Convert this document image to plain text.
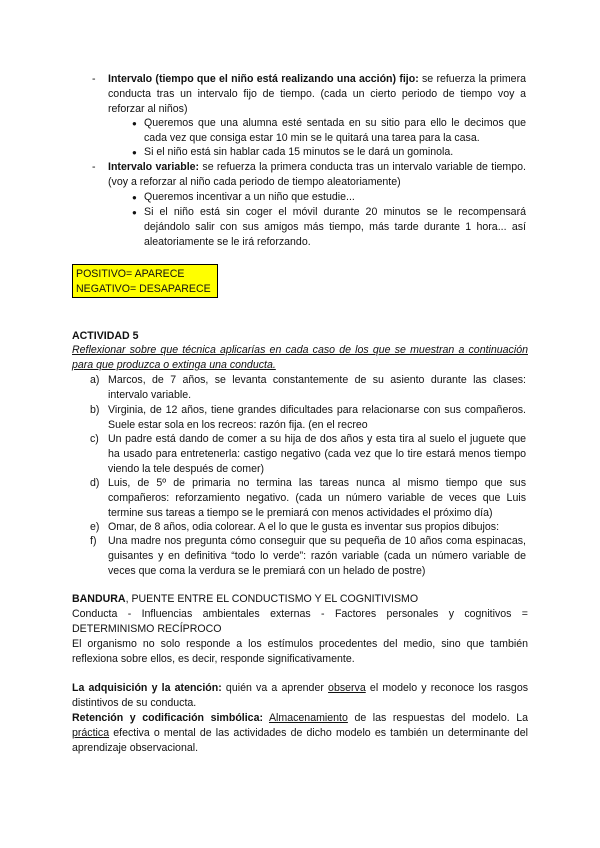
-	Intervalo (tiempo que el niño está realizando una acción) fijo: se refuerza la primera conducta tras un intervalo fijo de tiempo. (cada un cierto periodo de tiempo voy a reforzar al niños)
● Queremos que una alumna esté sentada en su sitio para ello le decimos que cada vez que consiga estar 10 min se le quitará una tarea para la casa.
● Si el niño está sin hablar cada 15 minutos se le dará un gominola.
-	Intervalo variable: se refuerza la primera conducta tras un intervalo variable de tiempo. (voy a reforzar al niño cada periodo de tiempo aleatoriamente)
● Queremos incentivar a un niño que estudie...
● Si el niño está sin coger el móvil durante 20 minutos se le recompensará dejándolo salir con sus amigos más tiempo, más tarde durante 1 hora... así aleatoriamente se le irá reforzando.
POSITIVO= APARECE
NEGATIVO= DESAPARECE
ACTIVIDAD 5
Reflexionar sobre que técnica aplicarías en cada caso de los que se muestran a continuación para que produzca o extinga una conducta.
a) Marcos, de 7 años, se levanta constantemente de su asiento durante las clases: intervalo variable.
b) Virginia, de 12 años, tiene grandes dificultades para relacionarse con sus compañeros. Suele estar sola en los recreos: razón fija. (en el recreo
c) Un padre está dando de comer a su hija de dos años y esta tira al suelo el juguete que ha usado para entretenerla: castigo negativo (cada vez que lo tire estará menos tiempo viendo la tele después de comer)
d) Luis, de 5º de primaria no termina las tareas nunca al mismo tiempo que sus compañeros: reforzamiento negativo. (cada un número variable de veces que Luis termine sus tareas a tiempo se le premiará con menos actividades el próximo día)
e) Omar, de 8 años, odia colorear. A el lo que le gusta es inventar sus propios dibujos:
f)	Una madre nos pregunta cómo conseguir que su pequeña de 10 años coma espinacas, guisantes y en definitiva “todo lo verde”: razón variable (cada un número variable de veces que coma la verdura se le premiará con un helado de postre)
BANDURA, PUENTE ENTRE EL CONDUCTISMO Y EL COGNITIVISMO
Conducta - Influencias ambientales externas - Factores personales y cognitivos = DETERMINISMO RECÍPROCO
El organismo no solo responde a los estímulos procedentes del medio, sino que también reflexiona sobre ellos, es decir, responde significativamente.
La adquisición y la atención: quién va a aprender observa el modelo y reconoce los rasgos distintivos de su conducta.
Retención y codificación simbólica: Almacenamiento de las respuestas del modelo. La práctica efectiva o mental de las actividades de dicho modelo es también un determinante del aprendizaje observacional.
